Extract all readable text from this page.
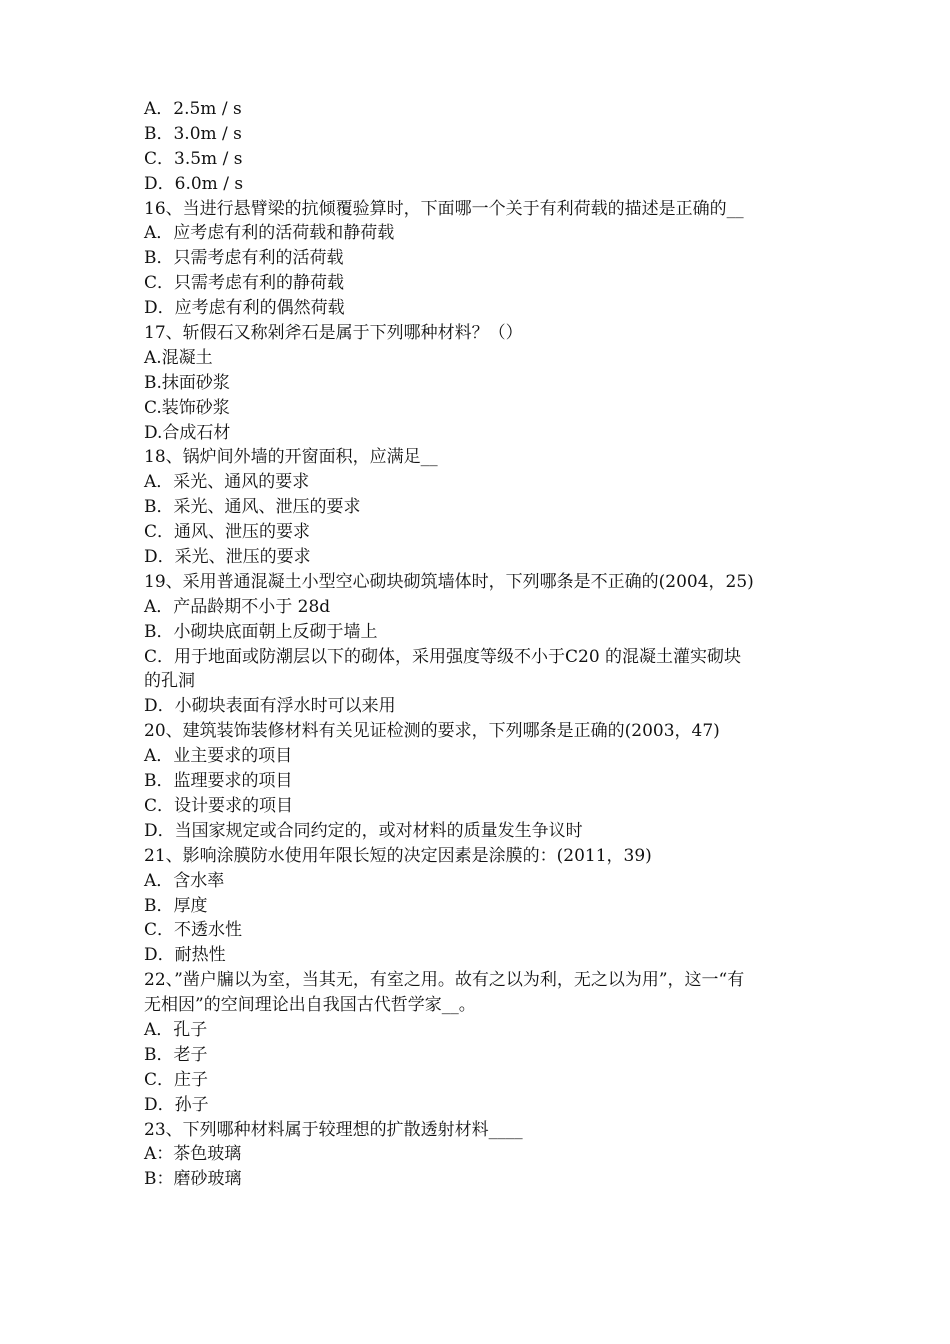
A．2.5m / s
B．3.0m / s
C．3.5m / s
D．6.0m / s
16、当进行悬臂梁的抗倾覆验算时，下面哪一个关于有利荷载的描述是正确的__
A．应考虑有利的活荷载和静荷载
B．只需考虑有利的活荷载
C．只需考虑有利的静荷载
D．应考虑有利的偶然荷载
17、斩假石又称剁斧石是属于下列哪种材料？（）
A.混凝土
B.抹面砂浆
C.装饰砂浆
D.合成石材
18、锅炉间外墙的开窗面积，应满足__
A．采光、通风的要求
B．采光、通风、泄压的要求
C．通风、泄压的要求
D．采光、泄压的要求
19、采用普通混凝土小型空心砌块砌筑墙体时，下列哪条是不正确的(2004，25)
A．产品龄期不小于 28d
B．小砌块底面朝上反砌于墙上
C．用于地面或防潮层以下的砌体，采用强度等级不小于C20 的混凝土灌实砌块
的孔洞
D．小砌块表面有浮水时可以来用
20、建筑装饰装修材料有关见证检测的要求，下列哪条是正确的(2003，47)
A．业主要求的项目
B．监理要求的项目
C．设计要求的项目
D．当国家规定或合同约定的，或对材料的质量发生争议时
21、影响涂膜防水使用年限长短的决定因素是涂膜的：(2011，39)
A．含水率
B．厚度
C．不透水性
D．耐热性
22、”凿户牖以为室，当其无，有室之用。故有之以为利，无之以为用”，这一“有
无相因”的空间理论出自我国古代哲学家__。
A．孔子
B．老子
C．庄子
D．孙子
23、下列哪种材料属于较理想的扩散透射材料____
A：茶色玻璃
B：磨砂玻璃
